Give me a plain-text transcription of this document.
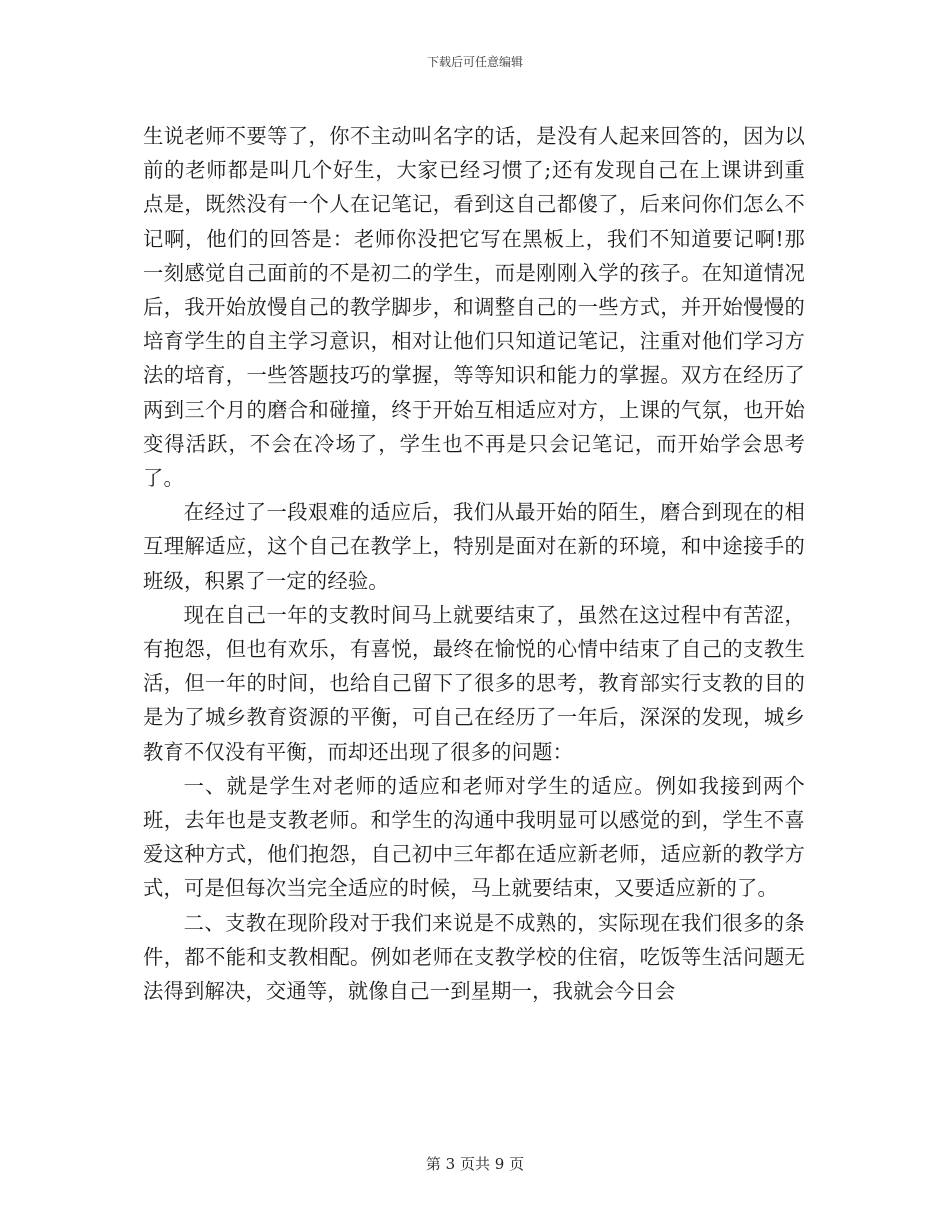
下载后可任意编辑

生说老师不要等了，你不主动叫名字的话，是没有人起来回答的，因为以前的老师都是叫几个好生，大家已经习惯了;还有发现自己在上课讲到重点是，既然没有一个人在记笔记，看到这自己都傻了，后来问你们怎么不记啊，他们的回答是：老师你没把它写在黑板上，我们不知道要记啊!那一刻感觉自己面前的不是初二的学生，而是刚刚入学的孩子。在知道情况后，我开始放慢自己的教学脚步，和调整自己的一些方式，并开始慢慢的培育学生的自主学习意识，相对让他们只知道记笔记，注重对他们学习方法的培育，一些答题技巧的掌握，等等知识和能力的掌握。双方在经历了两到三个月的磨合和碰撞，终于开始互相适应对方，上课的气氛，也开始变得活跃，不会在冷场了，学生也不再是只会记笔记，而开始学会思考了。

在经过了一段艰难的适应后，我们从最开始的陌生，磨合到现在的相互理解适应，这个自己在教学上，特别是面对在新的环境，和中途接手的班级，积累了一定的经验。

现在自己一年的支教时间马上就要结束了，虽然在这过程中有苦涩，有抱怨，但也有欢乐，有喜悦，最终在愉悦的心情中结束了自己的支教生活，但一年的时间，也给自己留下了很多的思考，教育部实行支教的目的是为了城乡教育资源的平衡，可自己在经历了一年后，深深的发现，城乡教育不仅没有平衡，而却还出现了很多的问题：

一、就是学生对老师的适应和老师对学生的适应。例如我接到两个班，去年也是支教老师。和学生的沟通中我明显可以感觉的到，学生不喜爱这种方式，他们抱怨，自己初中三年都在适应新老师，适应新的教学方式，可是但每次当完全适应的时候，马上就要结束，又要适应新的了。

二、支教在现阶段对于我们来说是不成熟的，实际现在我们很多的条件，都不能和支教相配。例如老师在支教学校的住宿，吃饭等生活问题无法得到解决，交通等，就像自己一到星期一，我就会今日会

第 3 页共 9 页
